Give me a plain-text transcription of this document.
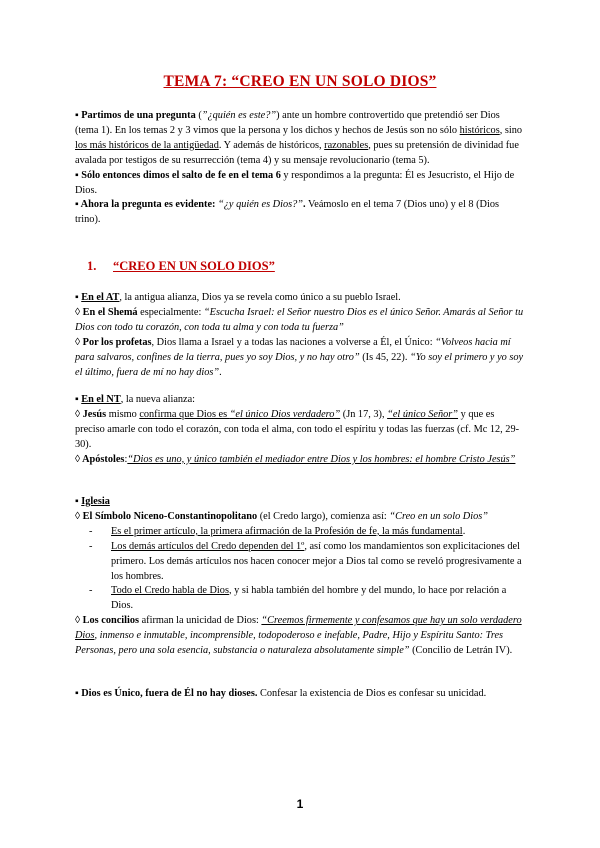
TEMA 7: “CREO EN UN SOLO DIOS”

▪ Partimos de una pregunta (”¿quién es este?”) ante un hombre controvertido que pretendió ser Dios (tema 1). En los temas 2 y 3 vimos que la persona y los dichos y hechos de Jesús son no sólo históricos, sino los más históricos de la antigüedad. Y además de históricos, razonables, pues su pretensión de divinidad fue avalada por testigos de su resurrección (tema 4) y su mensaje revolucionario (tema 5).

▪ Sólo entonces dimos el salto de fe en el tema 6 y respondimos a la pregunta: Él es Jesucristo, el Hijo de Dios.

▪ Ahora la pregunta es evidente: “¿y quién es Dios?”. Veámoslo en el tema 7 (Dios uno) y el 8 (Dios trino).

1. “CREO EN UN SOLO DIOS”

▪ En el AT, la antigua alianza, Dios ya se revela como único a su pueblo Israel.

◊ En el Shemá especialmente: “Escucha Israel: el Señor nuestro Dios es el único Señor. Amarás al Señor tu Dios con todo tu corazón, con toda tu alma y con toda tu fuerza”

◊ Por los profetas, Dios llama a Israel y a todas las naciones a volverse a Él, el Único: “Volveos hacia mí para salvaros, confines de la tierra, pues yo soy Dios, y no hay otro” (Is 45, 22). “Yo soy el primero y yo soy el último, fuera de mí no hay dios”.

▪ En el NT, la nueva alianza:

◊ Jesús mismo confirma que Dios es “el único Dios verdadero” (Jn 17, 3), “el único Señor” y que es preciso amarle con todo el corazón, con toda el alma, con todo el espíritu y todas las fuerzas (cf. Mc 12, 29- 30).

◊ Apóstoles:“Dios es uno, y único también el mediador entre Dios y los hombres: el hombre Cristo Jesús”

▪ Iglesia

◊ El Símbolo Niceno-Constantinopolitano (el Credo largo), comienza así: “Creo en un solo Dios”

- Es el primer artículo, la primera afirmación de la Profesión de fe, la más fundamental.
- Los demás artículos del Credo dependen del 1º, así como los mandamientos son explicitaciones del primero. Los demás artículos nos hacen conocer mejor a Dios tal como se reveló progresivamente a los hombres.
- Todo el Credo habla de Dios, y si habla también del hombre y del mundo, lo hace por relación a Dios.

◊ Los concilios afirman la unicidad de Dios: “Creemos firmemente y confesamos que hay un solo verdadero Dios, inmenso e inmutable, incomprensible, todopoderoso e inefable, Padre, Hijo y Espíritu Santo: Tres Personas, pero una sola esencia, substancia o naturaleza absolutamente simple” (Concilio de Letrán IV).

▪ Dios es Único, fuera de Él no hay dioses. Confesar la existencia de Dios es confesar su unicidad.

1
